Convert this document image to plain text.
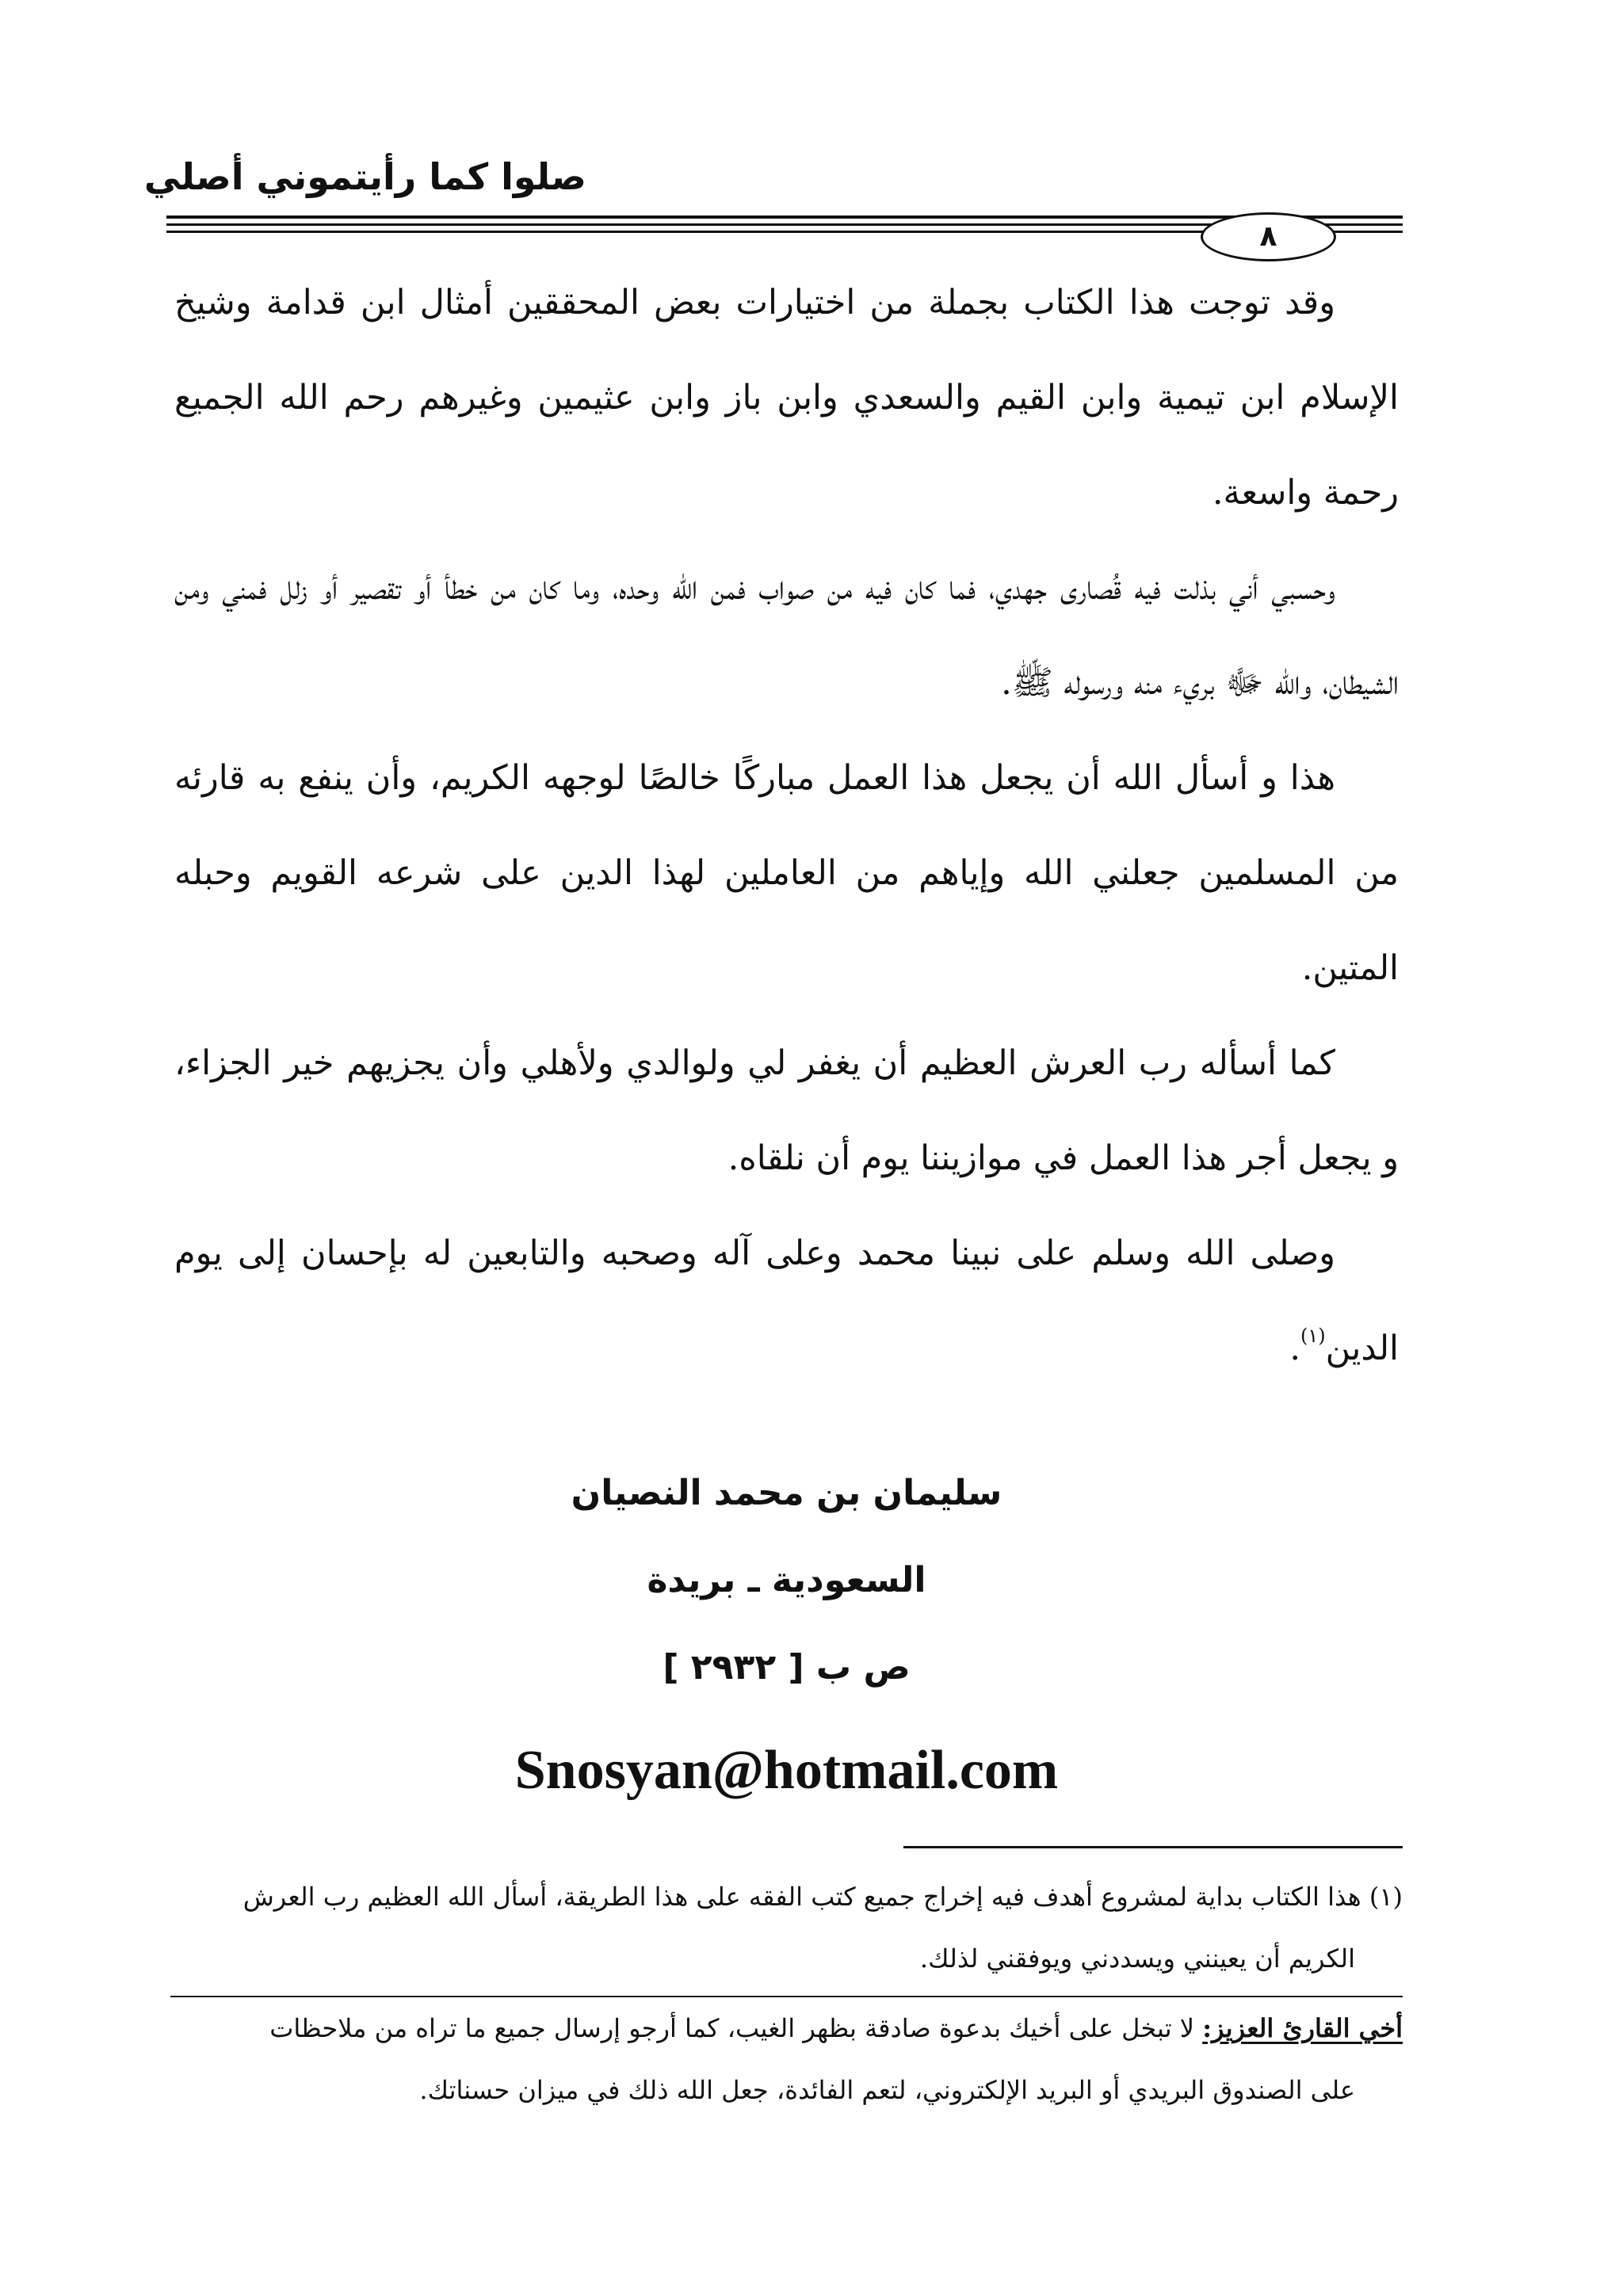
صلوا كما رأيتموني أصلي
٨

وقد توجت هذا الكتاب بجملة من اختيارات بعض المحققين أمثال ابن قدامة وشيخ الإسلام ابن تيمية وابن القيم والسعدي وابن باز وابن عثيمين وغيرهم رحم الله الجميع رحمة واسعة.

وحسبي أني بذلت فيه قُصارى جهدي، فما كان فيه من صواب فمن الله وحده، وما كان من خطأ أو تقصير أو زلل فمني ومن الشيطان، والله ﷻ بريء منه ورسوله ﷺ.

هذا و أسأل الله أن يجعل هذا العمل مباركًا خالصًا لوجهه الكريم، وأن ينفع به قارئه من المسلمين جعلني الله وإياهم من العاملين لهذا الدين على شرعه القويم وحبله المتين.

كما أسأله رب العرش العظيم أن يغفر لي ولوالدي ولأهلي وأن يجزيهم خير الجزاء، و يجعل أجر هذا العمل في موازيننا يوم أن نلقاه.

وصلى الله وسلم على نبينا محمد وعلى آله وصحبه والتابعين له بإحسان إلى يوم الدين$^{(١)}$.

سليمان بن محمد النصيان
السعودية ـ بريدة
ص ب [ ٢٩٣٢ ]
Snosyan@hotmail.com

(١) هذا الكتاب بداية لمشروع أهدف فيه إخراج جميع كتب الفقه على هذا الطريقة، أسأل الله العظيم رب العرش

الكريم أن يعينني ويسددني ويوفقني لذلك.

أخي القارئ العزيز: لا تبخل على أخيك بدعوة صادقة بظهر الغيب، كما أرجو إرسال جميع ما تراه من ملاحظات

على الصندوق البريدي أو البريد الإلكتروني، لتعم الفائدة، جعل الله ذلك في ميزان حسناتك.
